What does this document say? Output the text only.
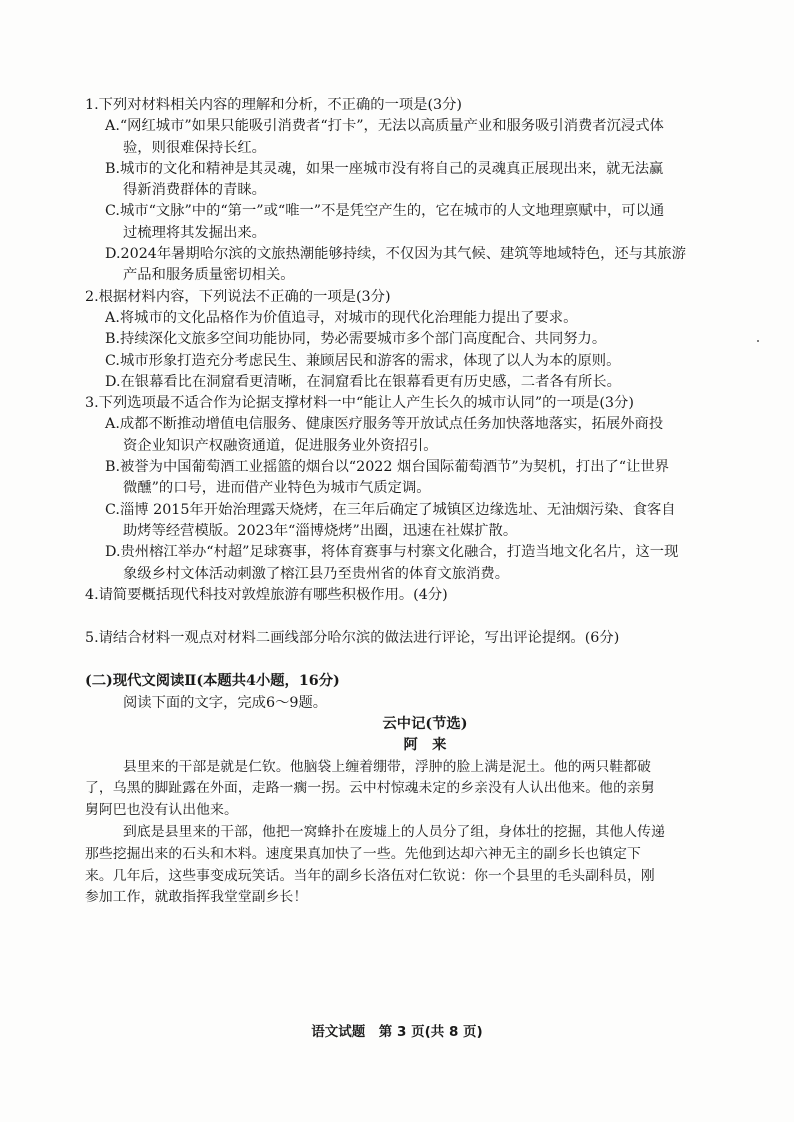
1.下列对材料相关内容的理解和分析，不正确的一项是(3分)
A.“网红城市”如果只能吸引消费者“打卡”，无法以高质量产业和服务吸引消费者沉浸式体
验，则很难保持长红。
B.城市的文化和精神是其灵魂，如果一座城市没有将自己的灵魂真正展现出来，就无法赢
得新消费群体的青睐。
C.城市“文脉”中的“第一”或“唯一”不是凭空产生的，它在城市的人文地理禀赋中，可以通
过梳理将其发掘出来。
D.2024年暑期哈尔滨的文旅热潮能够持续，不仅因为其气候、建筑等地域特色，还与其旅游
产品和服务质量密切相关。
2.根据材料内容，下列说法不正确的一项是(3分)
A.将城市的文化品格作为价值追寻，对城市的现代化治理能力提出了要求。
B.持续深化文旅多空间功能协同，势必需要城市多个部门高度配合、共同努力。
C.城市形象打造充分考虑民生、兼顾居民和游客的需求，体现了以人为本的原则。
D.在银幕看比在洞窟看更清晰，在洞窟看比在银幕看更有历史感，二者各有所长。
3.下列选项最不适合作为论据支撑材料一中“能让人产生长久的城市认同”的一项是(3分)
A.成都不断推动增值电信服务、健康医疗服务等开放试点任务加快落地落实，拓展外商投
资企业知识产权融资通道，促进服务业外资招引。
B.被誉为中国葡萄酒工业摇篮的烟台以“2022 烟台国际葡萄酒节”为契机，打出了“让世界
微醺”的口号，进而借产业特色为城市气质定调。
C.淄博 2015年开始治理露天烧烤，在三年后确定了城镇区边缘选址、无油烟污染、食客自
助烤等经营模版。2023年“淄博烧烤”出圈，迅速在社媒扩散。
D.贵州榕江举办“村超”足球赛事，将体育赛事与村寨文化融合，打造当地文化名片，这一现
象级乡村文体活动刺激了榕江县乃至贵州省的体育文旅消费。
4.请简要概括现代科技对敦煌旅游有哪些积极作用。(4分)
5.请结合材料一观点对材料二画线部分哈尔滨的做法进行评论，写出评论提纲。(6分)
(二)现代文阅读Ⅱ(本题共4小题，16分)
阅读下面的文字，完成6～9题。
云中记(节选)
阿　来
县里来的干部是就是仁钦。他脑袋上缠着绷带，浮肿的脸上满是泥土。他的两只鞋都破
了，乌黑的脚趾露在外面，走路一瘸一拐。云中村惊魂未定的乡亲没有人认出他来。他的亲舅
舅阿巴也没有认出他来。
到底是县里来的干部，他把一窝蜂扑在废墟上的人员分了组，身体壮的挖掘，其他人传递
那些挖掘出来的石头和木料。速度果真加快了一些。先他到达却六神无主的副乡长也镇定下
来。几年后，这些事变成玩笑话。当年的副乡长洛伍对仁钦说：你一个县里的毛头副科员，刚
参加工作，就敢指挥我堂堂副乡长！
语文试题　第 3 页(共 8 页)
